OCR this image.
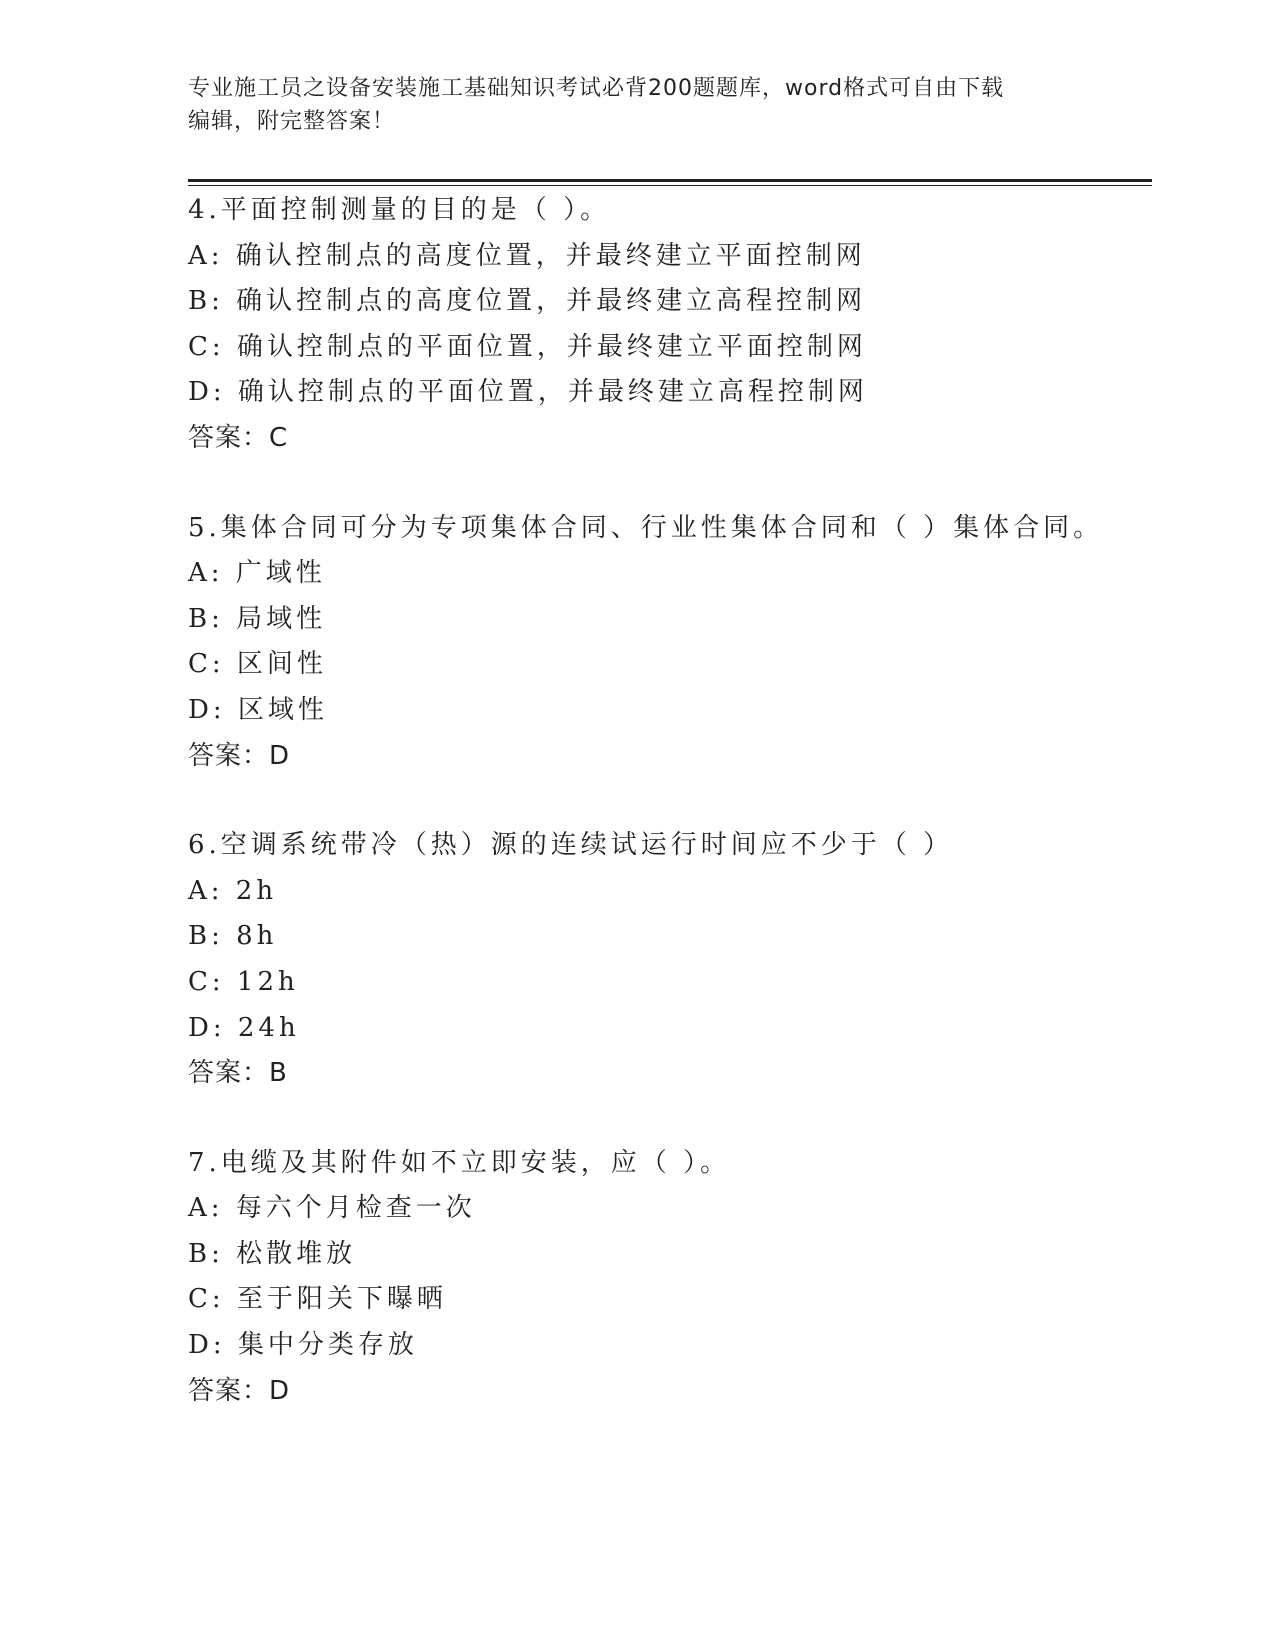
专业施工员之设备安装施工基础知识考试必背200题题库，word格式可自由下载
编辑，附完整答案！
4.平面控制测量的目的是（ ）。
A: 确认控制点的高度位置，并最终建立平面控制网
B: 确认控制点的高度位置，并最终建立高程控制网
C: 确认控制点的平面位置，并最终建立平面控制网
D: 确认控制点的平面位置，并最终建立高程控制网
答案：C
5.集体合同可分为专项集体合同、行业性集体合同和（ ）集体合同。
A: 广域性
B: 局域性
C: 区间性
D: 区域性
答案：D
6.空调系统带冷（热）源的连续试运行时间应不少于（ ）
A: 2h
B: 8h
C: 12h
D: 24h
答案：B
7.电缆及其附件如不立即安装，应（ ）。
A: 每六个月检查一次
B: 松散堆放
C: 至于阳关下曝晒
D: 集中分类存放
答案：D
